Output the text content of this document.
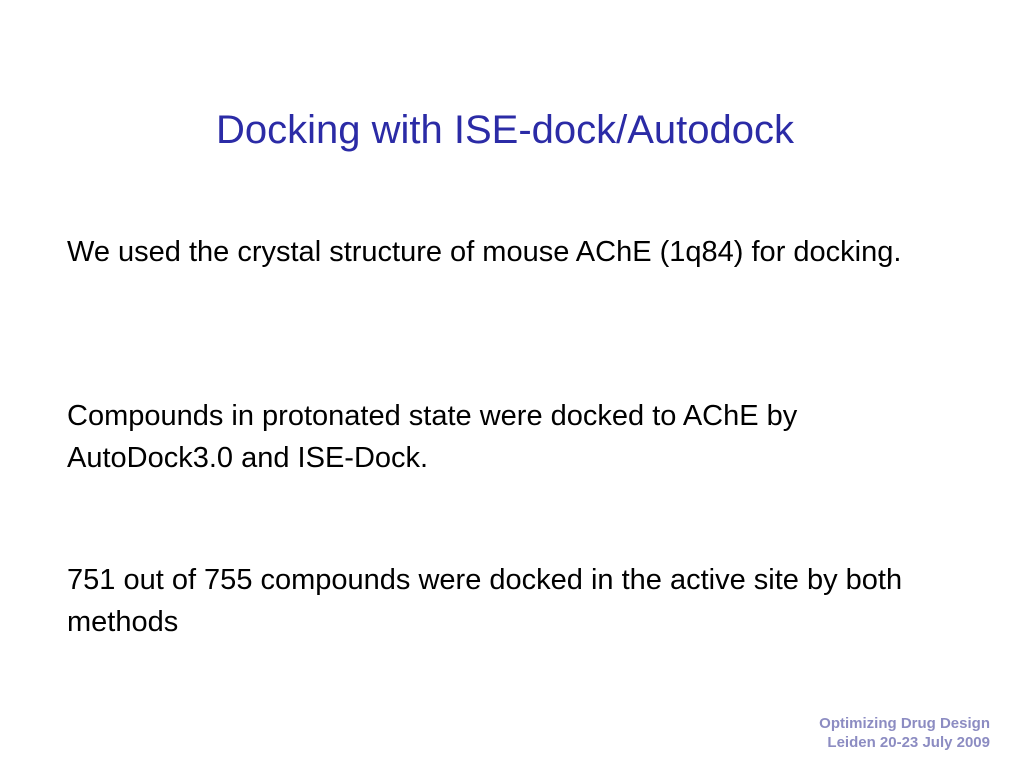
Docking with ISE-dock/Autodock
We used the crystal structure of mouse AChE (1q84) for docking.
Compounds in protonated state were docked to AChE by AutoDock3.0 and ISE-Dock.
751 out of 755 compounds were docked in the active site by both methods
Optimizing Drug Design
Leiden 20-23 July 2009
